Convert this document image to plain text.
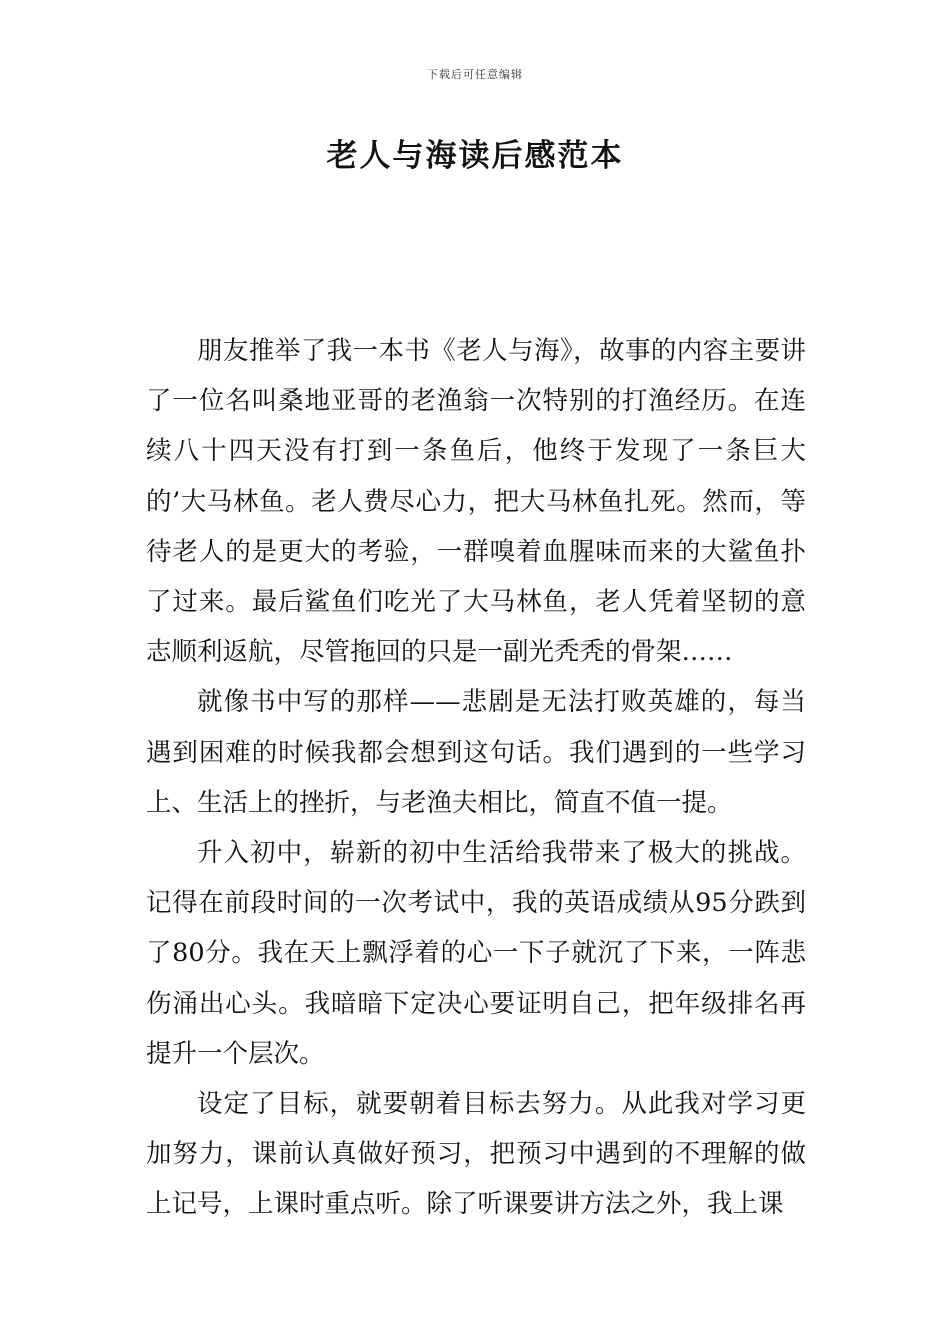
下载后可任意编辑
老人与海读后感范本

朋友推举了我一本书《老人与海》，故事的内容主要讲了一位名叫桑地亚哥的老渔翁一次特别的打渔经历。在连续八十四天没有打到一条鱼后，他终于发现了一条巨大的’大马林鱼。老人费尽心力，把大马林鱼扎死。然而，等待老人的是更大的考验，一群嗅着血腥味而来的大鲨鱼扑了过来。最后鲨鱼们吃光了大马林鱼，老人凭着坚韧的意志顺利返航，尽管拖回的只是一副光秃秃的骨架……

就像书中写的那样——悲剧是无法打败英雄的，每当遇到困难的时候我都会想到这句话。我们遇到的一些学习上、生活上的挫折，与老渔夫相比，简直不值一提。

升入初中，崭新的初中生活给我带来了极大的挑战。记得在前段时间的一次考试中，我的英语成绩从95分跌到了80分。我在天上飘浮着的心一下子就沉了下来，一阵悲伤涌出心头。我暗暗下定决心要证明自己，把年级排名再提升一个层次。

设定了目标，就要朝着目标去努力。从此我对学习更加努力，课前认真做好预习，把预习中遇到的不理解的做上记号，上课时重点听。除了听课要讲方法之外，我上课
